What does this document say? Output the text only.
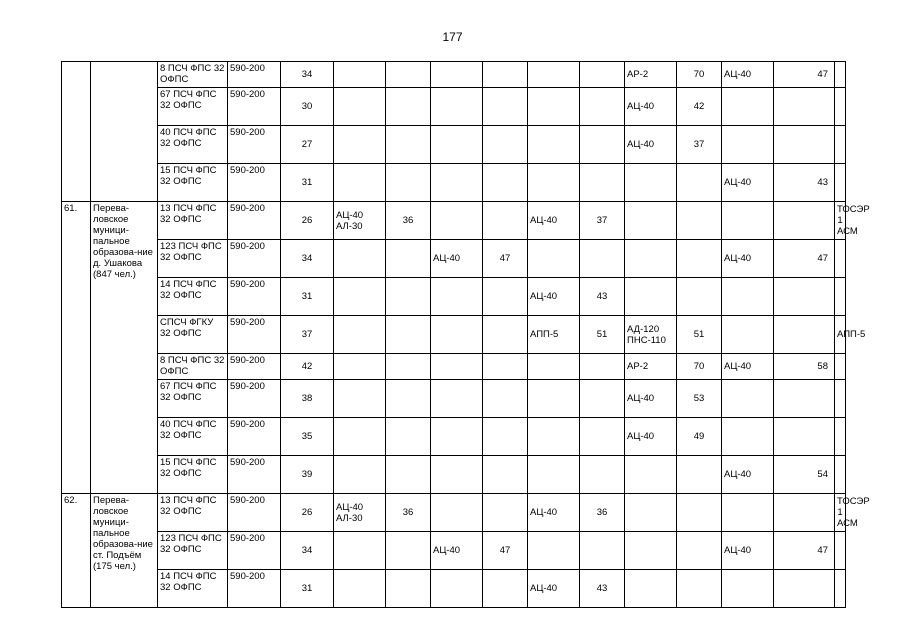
177
		8 ПСЧ ФПС 32 ОФПС	590-200	34							АР-2	70	АЦ-40	47	
		67 ПСЧ ФПС 32 ОФПС	590-200	30							АЦ-40	42			
		40 ПСЧ ФПС 32 ОФПС	590-200	27							АЦ-40	37			
		15 ПСЧ ФПС 32 ОФПС	590-200	31									АЦ-40	43	
61.	Перева-ловское муници-пальное образова-ние д. Ушакова (847 чел.)	13 ПСЧ ФПС 32 ОФПС	590-200	26	АЦ-40 АЛ-30	36			АЦ-40	37					ТОСЭР 1 АСМ
		123 ПСЧ ФПС 32 ОФПС	590-200	34			АЦ-40	47					АЦ-40	47	
		14 ПСЧ ФПС 32 ОФПС	590-200	31					АЦ-40	43					
		СПСЧ ФГКУ 32 ОФПС	590-200	37					АПП-5	51	АД-120 ПНС-110	51			АПП-5
		8 ПСЧ ФПС 32 ОФПС	590-200	42							АР-2	70	АЦ-40	58	
		67 ПСЧ ФПС 32 ОФПС	590-200	38							АЦ-40	53			
		40 ПСЧ ФПС 32 ОФПС	590-200	35							АЦ-40	49			
		15 ПСЧ ФПС 32 ОФПС	590-200	39									АЦ-40	54	
62.	Перева-ловское муници-пальное образова-ние ст. Подъём (175 чел.)	13 ПСЧ ФПС 32 ОФПС	590-200	26	АЦ-40 АЛ-30	36			АЦ-40	36					ТОСЭР 1 АСМ
		123 ПСЧ ФПС 32 ОФПС	590-200	34			АЦ-40	47					АЦ-40	47	
		14 ПСЧ ФПС 32 ОФПС	590-200	31					АЦ-40	43					
